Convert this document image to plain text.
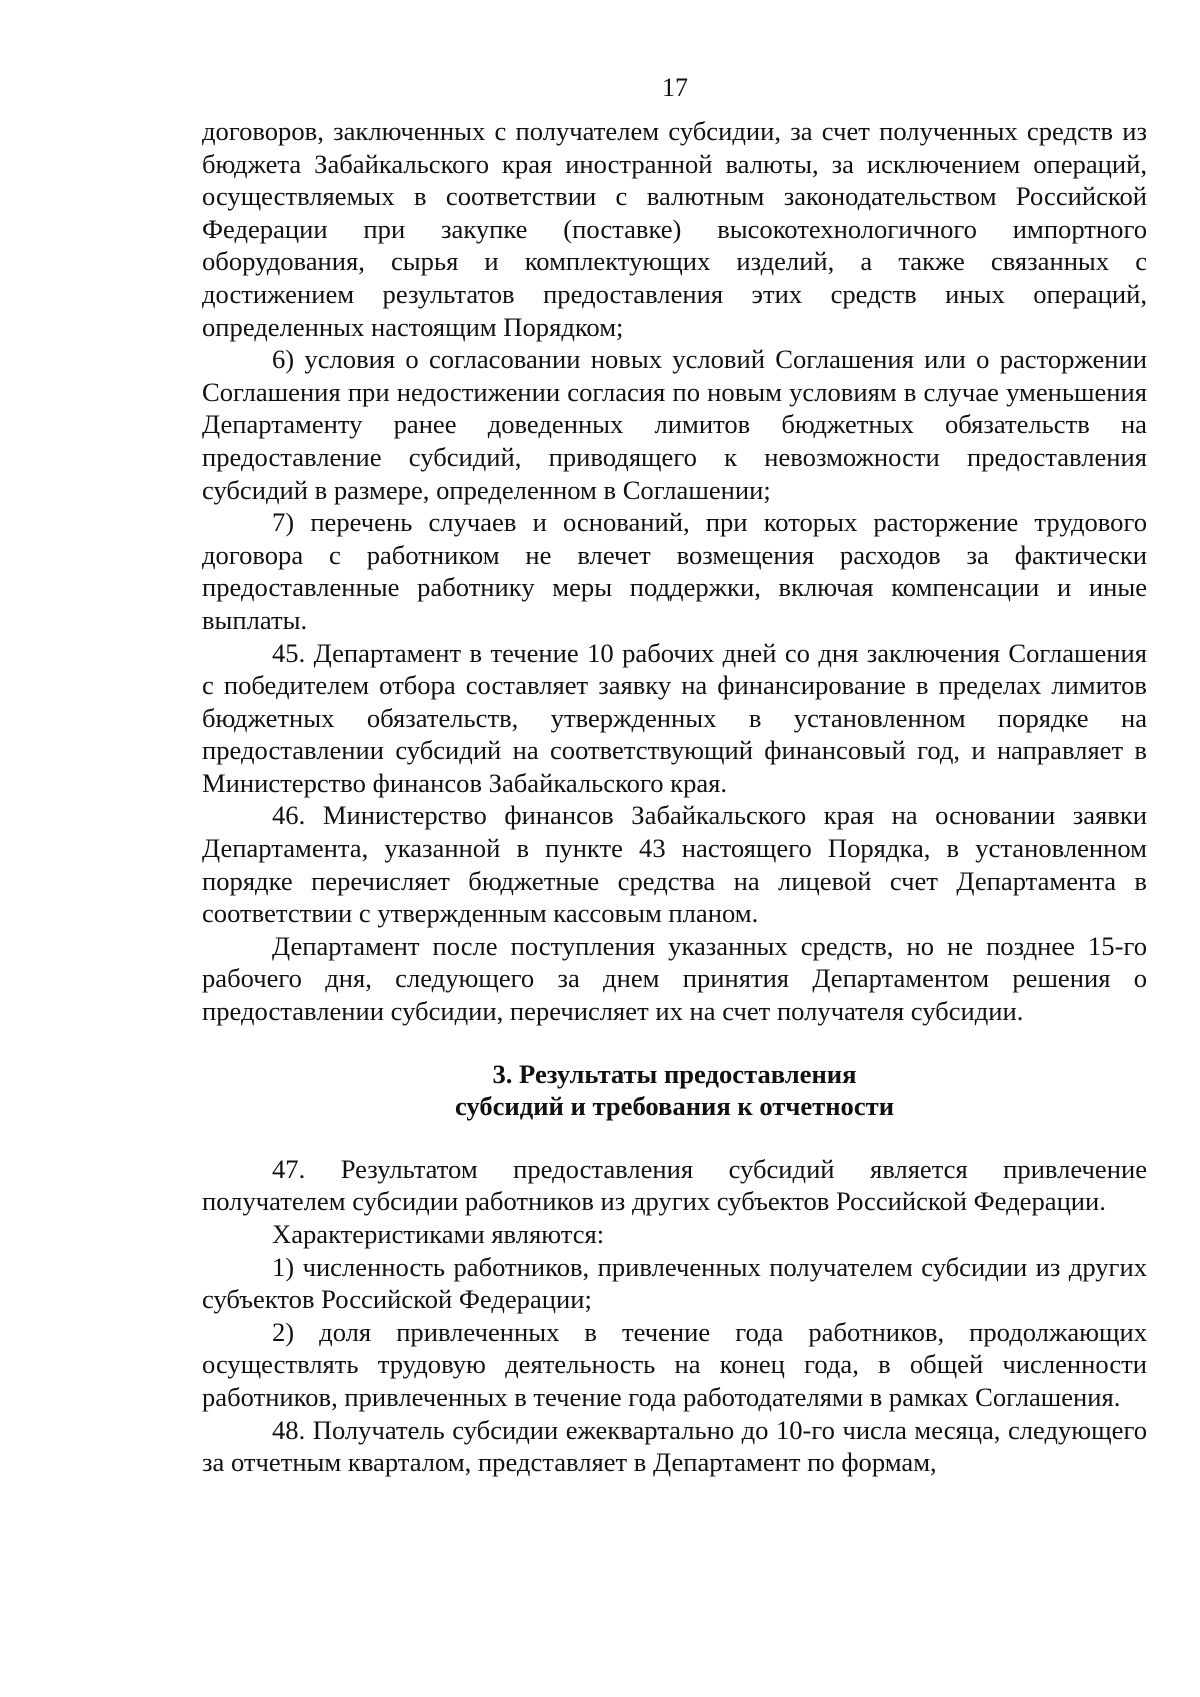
17

договоров, заключенных с получателем субсидии, за счет полученных средств из бюджета Забайкальского края иностранной валюты, за исключением операций, осуществляемых в соответствии с валютным законодательством Российской Федерации при закупке (поставке) высокотехнологичного импортного оборудования, сырья и комплектующих изделий, а также связанных с достижением результатов предоставления этих средств иных операций, определенных настоящим Порядком;

6) условия о согласовании новых условий Соглашения или о расторжении Соглашения при недостижении согласия по новым условиям в случае уменьшения Департаменту ранее доведенных лимитов бюджетных обязательств на предоставление субсидий, приводящего к невозможности предоставления субсидий в размере, определенном в Соглашении;

7) перечень случаев и оснований, при которых расторжение трудового договора с работником не влечет возмещения расходов за фактически предоставленные работнику меры поддержки, включая компенсации и иные выплаты.

45. Департамент в течение 10 рабочих дней со дня заключения Соглашения с победителем отбора составляет заявку на финансирование в пределах лимитов бюджетных обязательств, утвержденных в установленном порядке на предоставлении субсидий на соответствующий финансовый год, и направляет в Министерство финансов Забайкальского края.

46. Министерство финансов Забайкальского края на основании заявки Департамента, указанной в пункте 43 настоящего Порядка, в установленном порядке перечисляет бюджетные средства на лицевой счет Департамента в соответствии с утвержденным кассовым планом.

Департамент после поступления указанных средств, но не позднее 15-го рабочего дня, следующего за днем принятия Департаментом решения о предоставлении субсидии, перечисляет их на счет получателя субсидии.

3. Результаты предоставления

субсидий и требования к отчетности

47. Результатом предоставления субсидий является привлечение получателем субсидии работников из других субъектов Российской Федерации.

Характеристиками являются:

1) численность работников, привлеченных получателем субсидии из других субъектов Российской Федерации;

2) доля привлеченных в течение года работников, продолжающих осуществлять трудовую деятельность на конец года, в общей численности работников, привлеченных в течение года работодателями в рамках Соглашения.

48. Получатель субсидии ежеквартально до 10-го числа месяца, следующего за отчетным кварталом, представляет в Департамент по формам,
